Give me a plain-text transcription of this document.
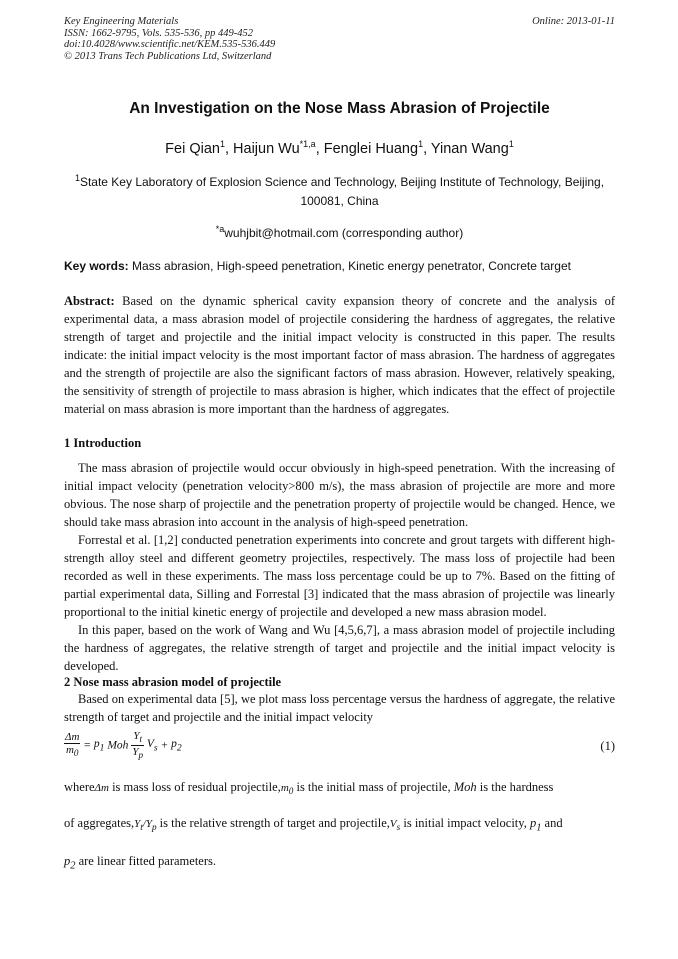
Key Engineering Materials
ISSN: 1662-9795, Vols. 535-536, pp 449-452
doi:10.4028/www.scientific.net/KEM.535-536.449
© 2013 Trans Tech Publications Ltd, Switzerland
Online: 2013-01-11
An Investigation on the Nose Mass Abrasion of Projectile
Fei Qian$^1$, Haijun Wu$^{*1,a}$, Fenglei Huang$^1$, Yinan Wang$^1$
$^1$State Key Laboratory of Explosion Science and Technology, Beijing Institute of Technology, Beijing,
100081, China
$^{*a}$wuhjbit@hotmail.com (corresponding author)
Key words: Mass abrasion, High-speed penetration, Kinetic energy penetrator, Concrete target
Abstract: Based on the dynamic spherical cavity expansion theory of concrete and the analysis of experimental data, a mass abrasion model of projectile considering the hardness of aggregates, the relative strength of target and projectile and the initial impact velocity is constructed in this paper. The results indicate: the initial impact velocity is the most important factor of mass abrasion. The hardness of aggregates and the strength of projectile are also the significant factors of mass abrasion. However, relatively speaking, the sensitivity of strength of projectile to mass abrasion is higher, which indicates that the effect of projectile material on mass abrasion is more important than the hardness of aggregates.
1 Introduction

The mass abrasion of projectile would occur obviously in high-speed penetration. With the increasing of initial impact velocity (penetration velocity>800 m/s), the mass abrasion of projectile are more and more obvious. The nose sharp of projectile and the penetration property of projectile would be changed. Hence, we should take mass abrasion into account in the analysis of high-speed penetration.

Forrestal et al. [1,2] conducted penetration experiments into concrete and grout targets with different high-strength alloy steel and different geometry projectiles, respectively. The mass loss of projectile had been recorded as well in these experiments. The mass loss percentage could be up to 7%. Based on the fitting of partial experimental data, Silling and Forrestal [3] indicated that the mass abrasion of projectile was linearly proportional to the initial kinetic energy of projectile and developed a new mass abrasion model.

In this paper, based on the work of Wang and Wu [4,5,6,7], a mass abrasion model of projectile including the hardness of aggregates, the relative strength of target and projectile and the initial impact velocity is developed.

2 Nose mass abrasion model of projectile

Based on experimental data [5], we plot mass loss percentage versus the hardness of aggregate, the relative strength of target and projectile and the initial impact velocity

$\frac{\Delta m}{m_0} = p_1$ Moh $\frac{Y_t}{Y_p} V_s + p_2$	(1)
whereΔm is mass loss of residual $projectile,m_0$ is the initial mass of projectile, Moh is the hardness
of $aggregates,Y_t/Y_p$ is the relative strength of target and $projectile,V_s$ is initial impact velocity, $p_1$ and
$p_2$ are linear fitted parameters.
